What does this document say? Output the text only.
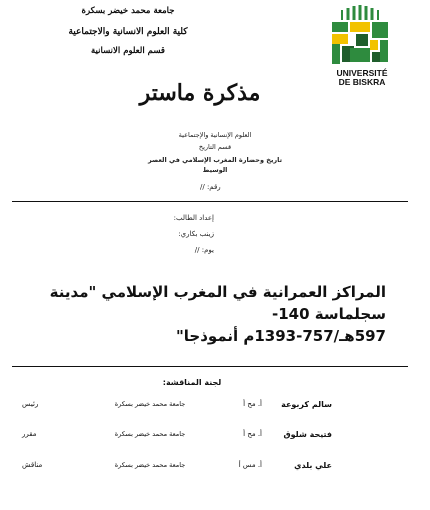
جامعة محمد خيضر بسكرة
كلية العلوم الانسانية والاجتماعية
قسم العلوم الانسانية
UNIVERSITÉ
DE BISKRA
مذكرة ماستر
العلوم الإنسانية والإجتماعية
قسم التاريخ
تاريخ وحضارة المغرب الإسلامي في العصر الوسيط
رقم: //
إعداد الطالب:
زينب بكاري:
يوم: //
المراكز العمرانية في المغرب الإسلامي "مدينة سجلماسة 140-
597هـ/757-1393م أنموذجا"
لجنة المناقشة:
سالم كربوعة
أ. مح أ
جامعة محمد خيضر بسكرة
رئيس
فتيحة شلوق
أ. مح أ
جامعة محمد خيضر بسكرة
مقرر
علي بلدي
أ. مس أ
جامعة محمد خيضر بسكرة
مناقش
